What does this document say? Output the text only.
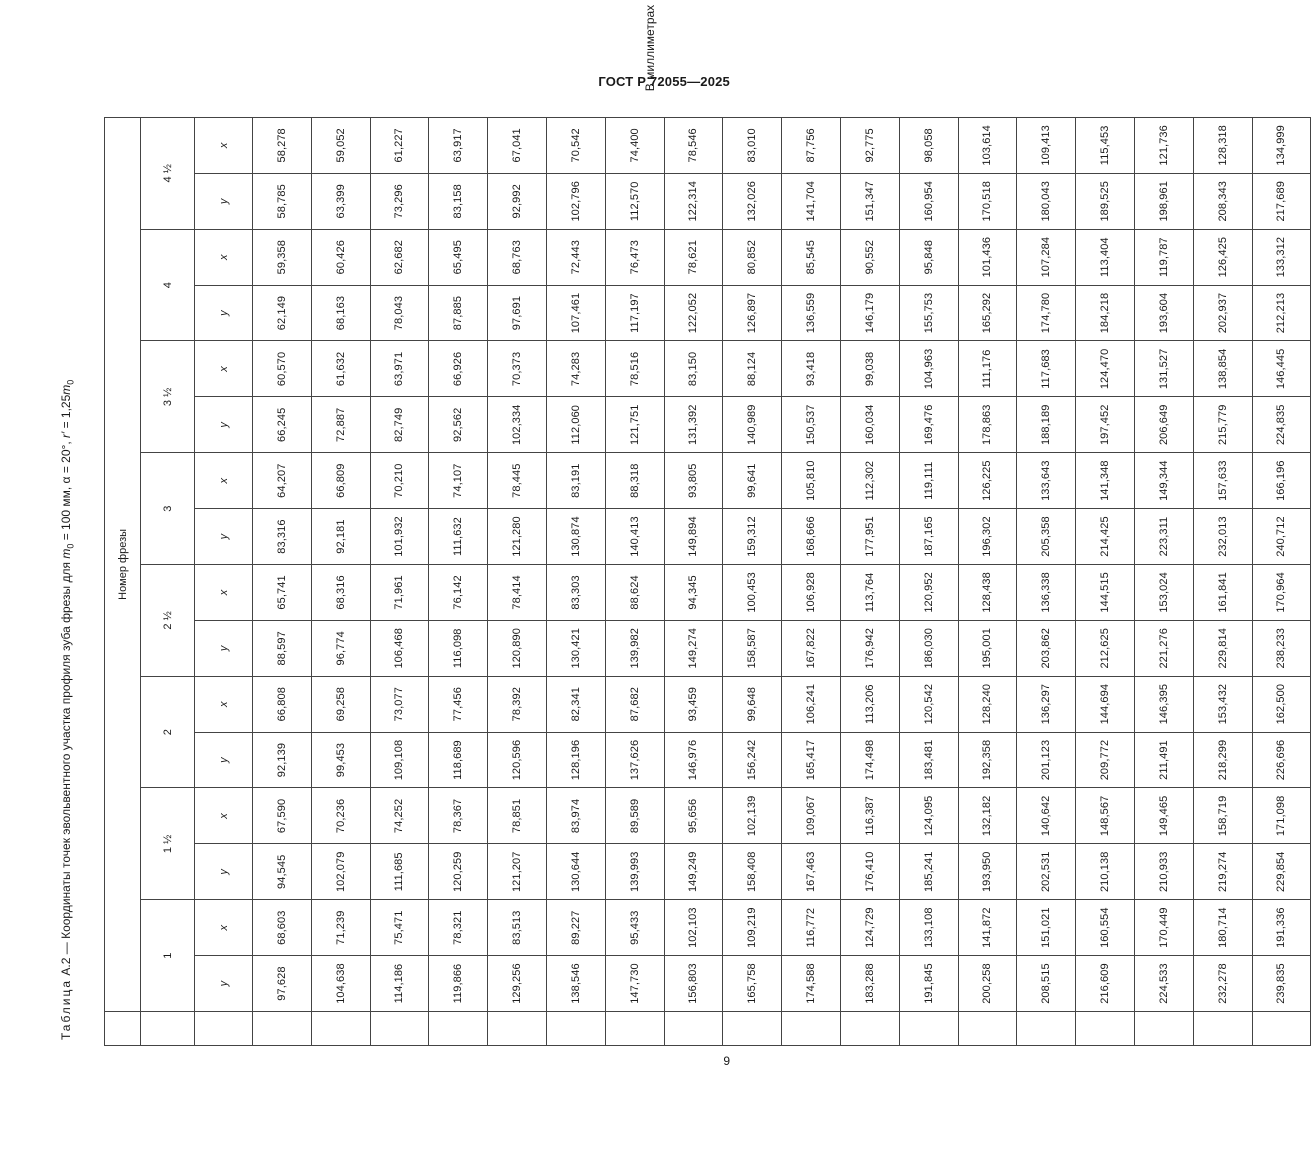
ГОСТ Р 72055—2025
В миллиметрах
Таблица А.2 — Координаты точек эвольвентного участка профиля зуба фрезы для $m_0 = 100$ мм, α = 20°, $r' = 1,25m_0$
	Номер фрезы															
	1		1 ½		2		2 ½		3		3 ½		4		4 ½	
	y	x	y	x	y	x	y	x	y	x	y	x	y	x	y	x
	97,628	68,603	94,545	67,590	92,139	66,808	88,597	65,741	83,316	64,207	66,245	60,570	62,149	59,358	58,785	58,278
	104,638	71,239	102,079	70,236	99,453	69,258	96,774	68,316	92,181	66,809	72,887	61,632	68,163	60,426	63,399	59,052
	114,186	75,471	111,685	74,252	109,108	73,077	106,468	71,961	101,932	70,210	82,749	63,971	78,043	62,682	73,296	61,227
	119,866	78,321	120,259	78,367	118,689	77,456	116,098	76,142	111,632	74,107	92,562	66,926	87,885	65,495	83,158	63,917
	129,256	83,513	121,207	78,851	120,596	78,392	120,890	78,414	121,280	78,445	102,334	70,373	97,691	68,763	92,992	67,041
	138,546	89,227	130,644	83,974	128,196	82,341	130,421	83,303	130,874	83,191	112,060	74,283	107,461	72,443	102,796	70,542
	147,730	95,433	139,993	89,589	137,626	87,682	139,982	88,624	140,413	88,318	121,751	78,516	117,197	76,473	112,570	74,400
	156,803	102,103	149,249	95,656	146,976	93,459	149,274	94,345	149,894	93,805	131,392	83,150	122,052	78,621	122,314	78,546
	165,758	109,219	158,408	102,139	156,242	99,648	158,587	100,453	159,312	99,641	140,989	88,124	126,897	80,852	132,026	83,010
	174,588	116,772	167,463	109,067	165,417	106,241	167,822	106,928	168,666	105,810	150,537	93,418	136,559	85,545	141,704	87,756
	183,288	124,729	176,410	116,387	174,498	113,206	176,942	113,764	177,951	112,302	160,034	99,038	146,179	90,552	151,347	92,775
	191,845	133,108	185,241	124,095	183,481	120,542	186,030	120,952	187,165	119,111	169,476	104,963	155,753	95,848	160,954	98,058
	200,258	141,872	193,950	132,182	192,358	128,240	195,001	128,438	196,302	126,225	178,863	111,176	165,292	101,436	170,518	103,614
	208,515	151,021	202,531	140,642	201,123	136,297	203,862	136,338	205,358	133,643	188,189	117,683	174,780	107,284	180,043	109,413
	216,609	160,554	210,138	148,567	209,772	144,694	212,625	144,515	214,425	141,348	197,452	124,470	184,218	113,404	189,525	115,453
	224,533	170,449	210,933	149,465	211,491	146,395	221,276	153,024	223,311	149,344	206,649	131,527	193,604	119,787	198,961	121,736
	232,278	180,714	219,274	158,719	218,299	153,432	229,814	161,841	232,013	157,633	215,779	138,854	202,937	126,425	208,343	128,318
	239,835	191,336	229,854	171,098	226,696	162,500	238,233	170,964	240,712	166,196	224,835	146,445	212,213	133,312	217,689	134,999
9
